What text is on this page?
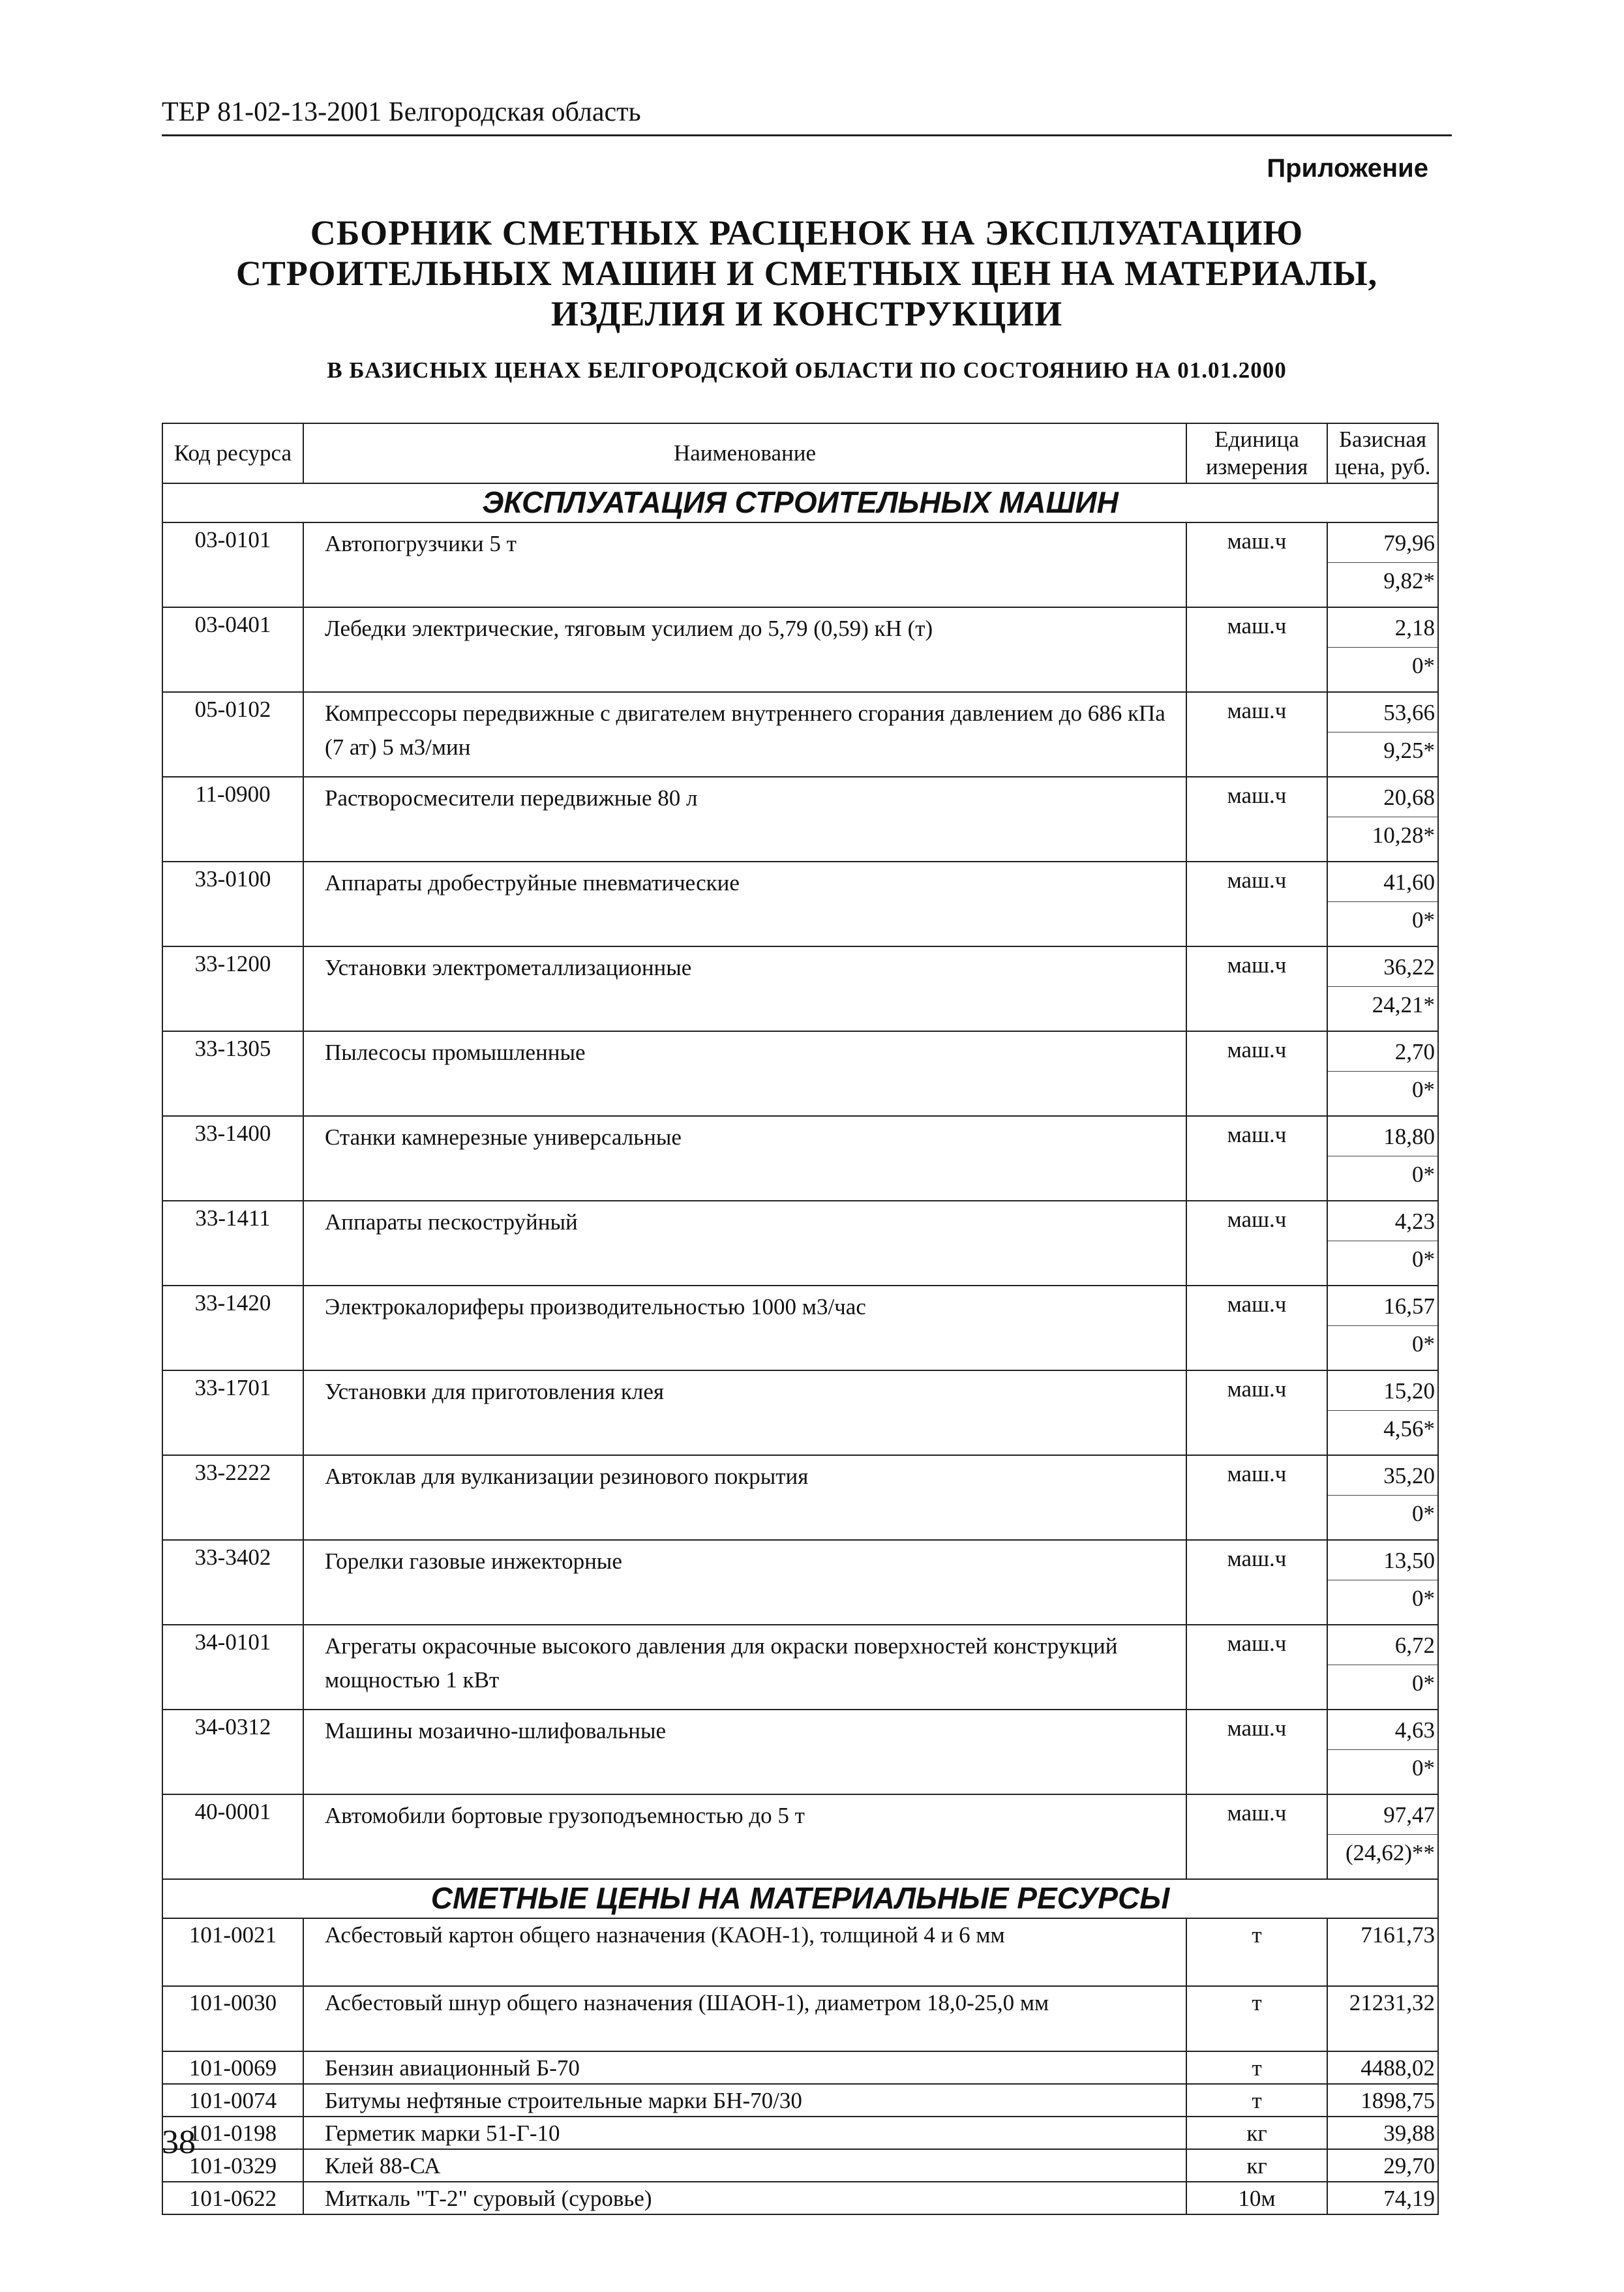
ТЕР 81-02-13-2001 Белгородская область
Приложение
СБОРНИК СМЕТНЫХ РАСЦЕНОК НА ЭКСПЛУАТАЦИЮ
СТРОИТЕЛЬНЫХ МАШИН И СМЕТНЫХ ЦЕН НА МАТЕРИАЛЫ,
ИЗДЕЛИЯ И КОНСТРУКЦИИ
В БАЗИСНЫХ ЦЕНАХ БЕЛГОРОДСКОЙ ОБЛАСТИ ПО СОСТОЯНИЮ НА 01.01.2000
Код ресурса	Наименование	Единица измерения	Базисная цена, руб.
ЭКСПЛУАТАЦИЯ СТРОИТЕЛЬНЫХ МАШИН			
03-0101	Автопогрузчики 5 т	маш.ч	79,96
9,82*

03-0401	Лебедки электрические, тяговым усилием до 5,79 (0,59) кН (т)	маш.ч	2,18
0*

05-0102	Компрессоры передвижные с двигателем внутреннего сгорания давлением до 686 кПа (7 ат) 5 м3/мин	маш.ч	53,66
9,25*

11-0900	Растворосмесители передвижные 80 л	маш.ч	20,68
10,28*

33-0100	Аппараты дробеструйные пневматические	маш.ч	41,60
0*

33-1200	Установки электрометаллизационные	маш.ч	36,22
24,21*

33-1305	Пылесосы промышленные	маш.ч	2,70
0*

33-1400	Станки камнерезные универсальные	маш.ч	18,80
0*

33-1411	Аппараты пескоструйный	маш.ч	4,23
0*

33-1420	Электрокалориферы производительностью 1000 м3/час	маш.ч	16,57
0*

33-1701	Установки для приготовления клея	маш.ч	15,20
4,56*

33-2222	Автоклав для вулканизации резинового покрытия	маш.ч	35,20
0*

33-3402	Горелки газовые инжекторные	маш.ч	13,50
0*

34-0101	Агрегаты окрасочные высокого давления для окраски поверхностей конструкций мощностью 1 кВт	маш.ч	6,72
0*

34-0312	Машины мозаично-шлифовальные	маш.ч	4,63
0*

40-0001	Автомобили бортовые грузоподъемностью до 5 т	маш.ч	97,47
(24,62)**

СМЕТНЫЕ ЦЕНЫ НА МАТЕРИАЛЬНЫЕ РЕСУРСЫ			
101-0021	Асбестовый картон общего назначения (КАОН-1), толщиной 4 и 6 мм	т	7161,73
101-0030	Асбестовый шнур общего назначения (ШАОН-1), диаметром 18,0-25,0 мм	т	21231,32
101-0069	Бензин авиационный Б-70	т	4488,02
101-0074	Битумы нефтяные строительные марки БН-70/30	т	1898,75
101-0198	Герметик марки 51-Г-10	кг	39,88
101-0329	Клей 88-СА	кг	29,70
101-0622	Миткаль "Т-2" суровый (суровье)	10м	74,19
38
